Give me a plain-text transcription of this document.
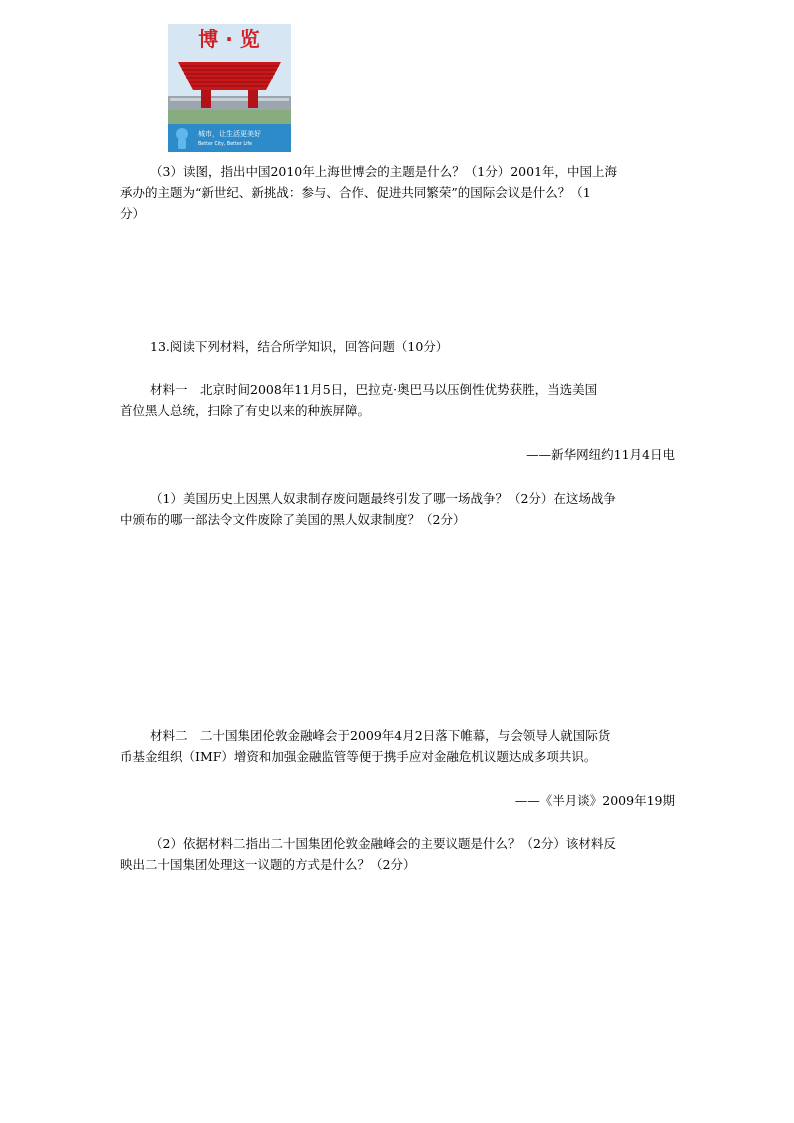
博 · 览
城市，让生活更美好
Better City, Better Life

（3）读图，指出中国2010年上海世博会的主题是什么？（1分）2001年，中国上海
承办的主题为“新世纪、新挑战：参与、合作、促进共同繁荣”的国际会议是什么？（1
分）

13.阅读下列材料，结合所学知识，回答问题（10分）

材料一　北京时间2008年11月5日，巴拉克·奥巴马以压倒性优势获胜，当选美国
首位黑人总统，扫除了有史以来的种族屏障。

——新华网纽约11月4日电

（1）美国历史上因黑人奴隶制存废问题最终引发了哪一场战争？（2分）在这场战争
中颁布的哪一部法令文件废除了美国的黑人奴隶制度？（2分）

材料二　二十国集团伦敦金融峰会于2009年4月2日落下帷幕，与会领导人就国际货
币基金组织（IMF）增资和加强金融监管等便于携手应对金融危机议题达成多项共识。

——《半月谈》2009年19期

（2）依据材料二指出二十国集团伦敦金融峰会的主要议题是什么？（2分）该材料反
映出二十国集团处理这一议题的方式是什么？（2分）
